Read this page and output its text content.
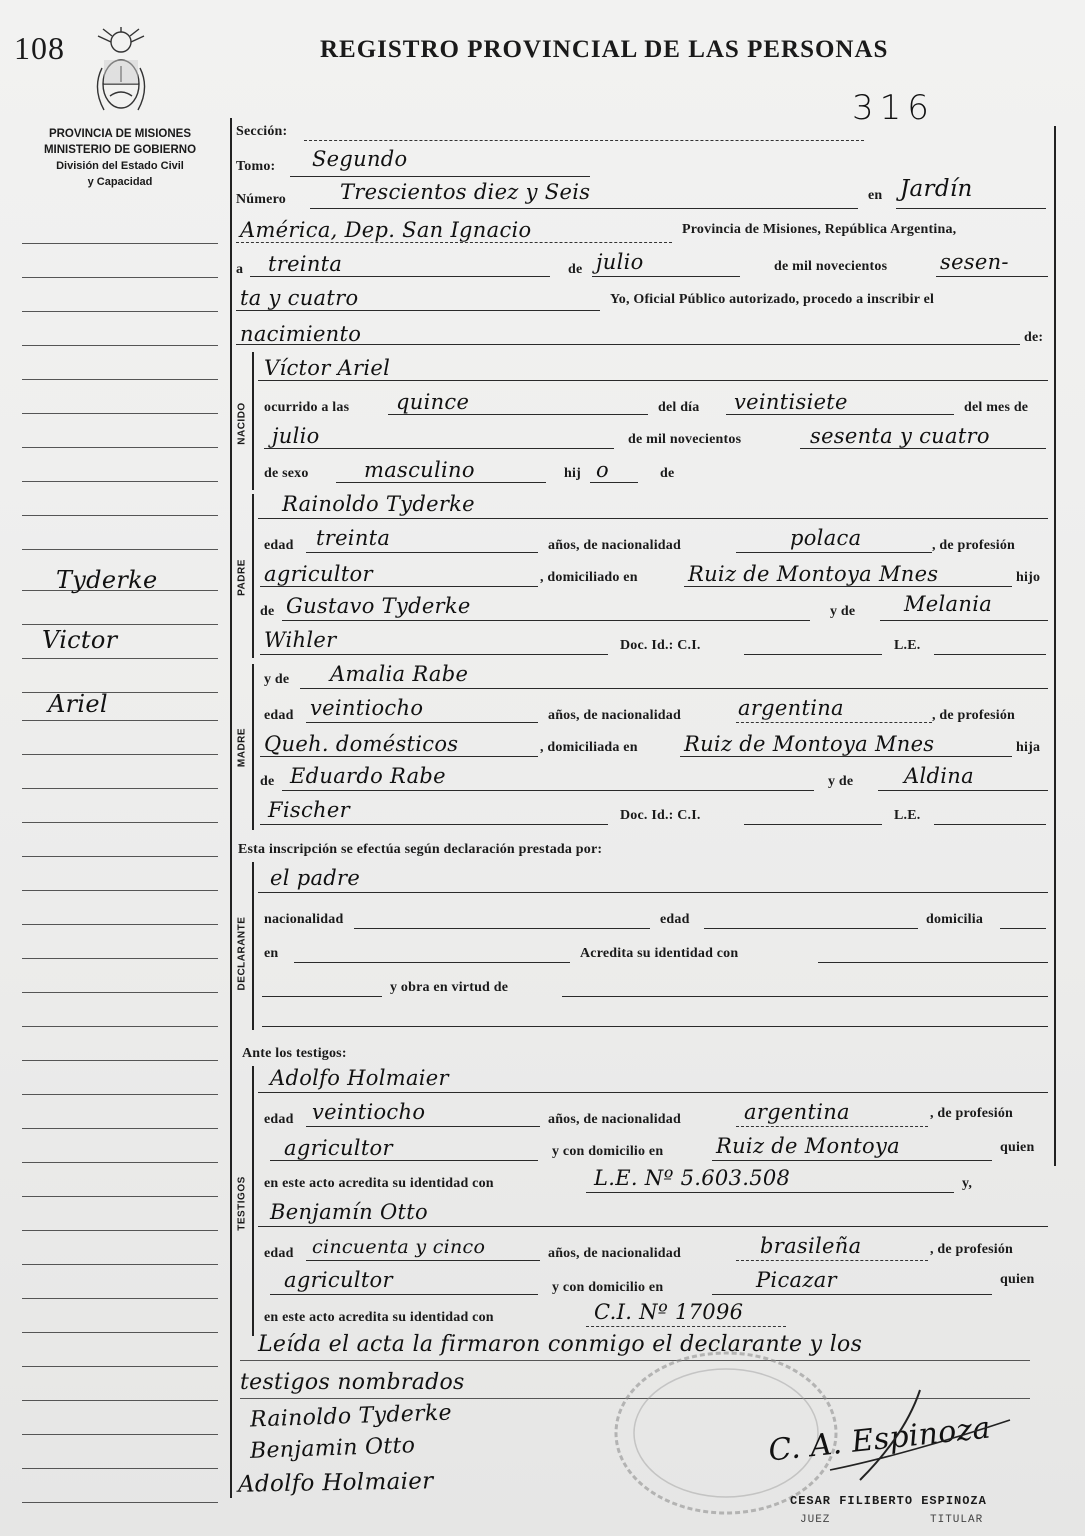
108	REGISTRO PROVINCIAL DE LAS PERSONAS
316
PROVINCIA DE MISIONES
MINISTERIO DE GOBIERNO
División del Estado Civil
y Capacidad
Tyderke
Victor
Ariel
Sección:
Tomo: Segundo
Número	Trescientos diez y Seis	en Jardín
América, Dep. San Ignacio	Provincia de Misiones, República Argentina,
a treinta	de julio	de mil novecientos	sesen-
ta y cuatro	Yo, Oficial Público autorizado, procedo a inscribir el
nacimiento	de:
NACIDO
Víctor Ariel
ocurrido a las quince	del día veintisiete	del mes de
julio	de mil novecientos	sesenta y cuatro
de sexo	masculino	hij o	de
PADRE
Rainoldo Tyderke
edad treinta	años, de nacionalidad	polaca	, de profesión
agricultor	, domiciliado en Ruiz de Montoya Mnes	hijo
de Gustavo Tyderke	y de Melania
Wihler	Doc. Id.: C.I.	L.E.
MADRE
y de Amalia Rabe
edad veintiocho	años, de nacionalidad	argentina	, de profesión
Queh. domésticos	, domiciliada en Ruiz de Montoya Mnes	hija
de Eduardo Rabe	y de Aldina
Fischer	Doc. Id.: C.I.	L.E.
Esta inscripción se efectúa según declaración prestada por:
DECLARANTE
el padre
nacionalidad	edad	domicilia
en	Acredita su identidad con
y obra en virtud de
Ante los testigos:
TESTIGOS
Adolfo Holmaier
edad veintiocho	años, de nacionalidad	argentina	, de profesión
agricultor	y con domicilio en	Ruiz de Montoya	quien
en este acto acredita su identidad con	L.E. Nº 5.603.508	y,
Benjamín Otto
edad cincuenta y cinco	años, de nacionalidad	brasileña	, de profesión
agricultor	y con domicilio en	Picazar	quien
en este acto acredita su identidad con	C.I. Nº 17096
Leída el acta la firmaron conmigo el declarante y los
testigos nombrados
Rainoldo Tyderke
Benjamin Otto
Adolfo Holmaier
C. A. Espinoza
CESAR FILIBERTO ESPINOZA
JUEZ	TITULAR
